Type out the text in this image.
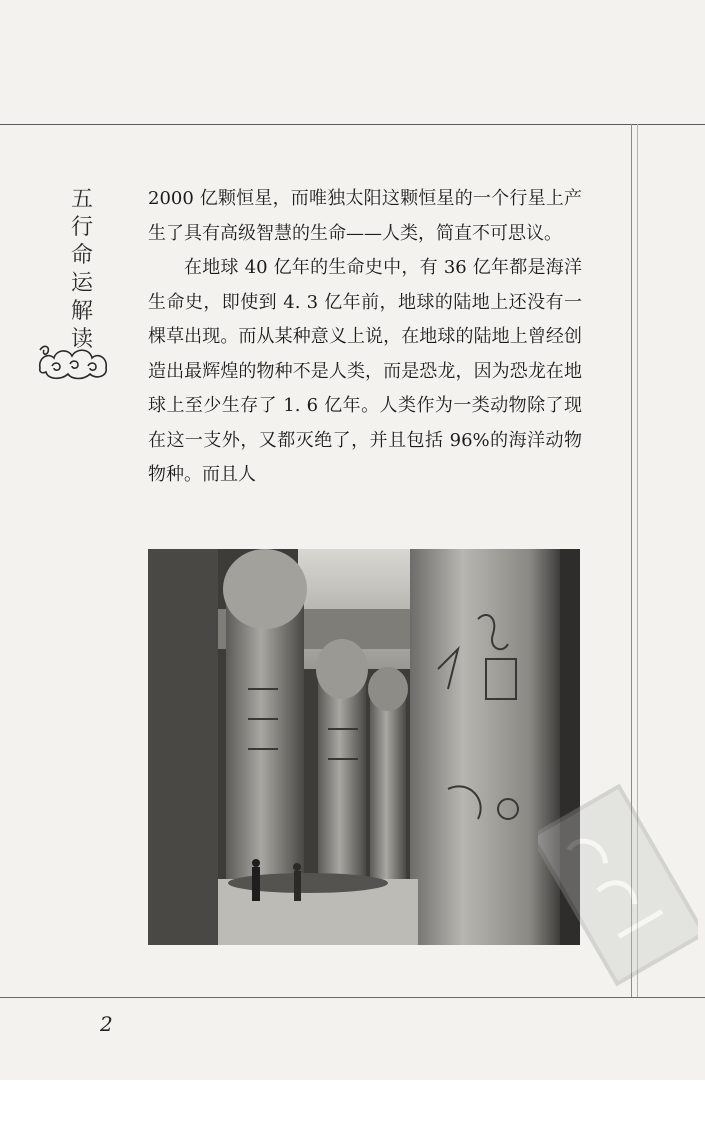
五
行
命
运
解
读

2000 亿颗恒星，而唯独太阳这颗恒星的一个行星上产生了具有高级智慧的生命——人类，简直不可思议。

在地球 40 亿年的生命史中，有 36 亿年都是海洋生命史，即使到 4. 3 亿年前，地球的陆地上还没有一棵草出现。而从某种意义上说，在地球的陆地上曾经创造出最辉煌的物种不是人类，而是恐龙，因为恐龙在地球上至少生存了 1. 6 亿年。人类作为一类动物除了现在这一支外，又都灭绝了，并且包括 96%的海洋动物物种。而且人

2
